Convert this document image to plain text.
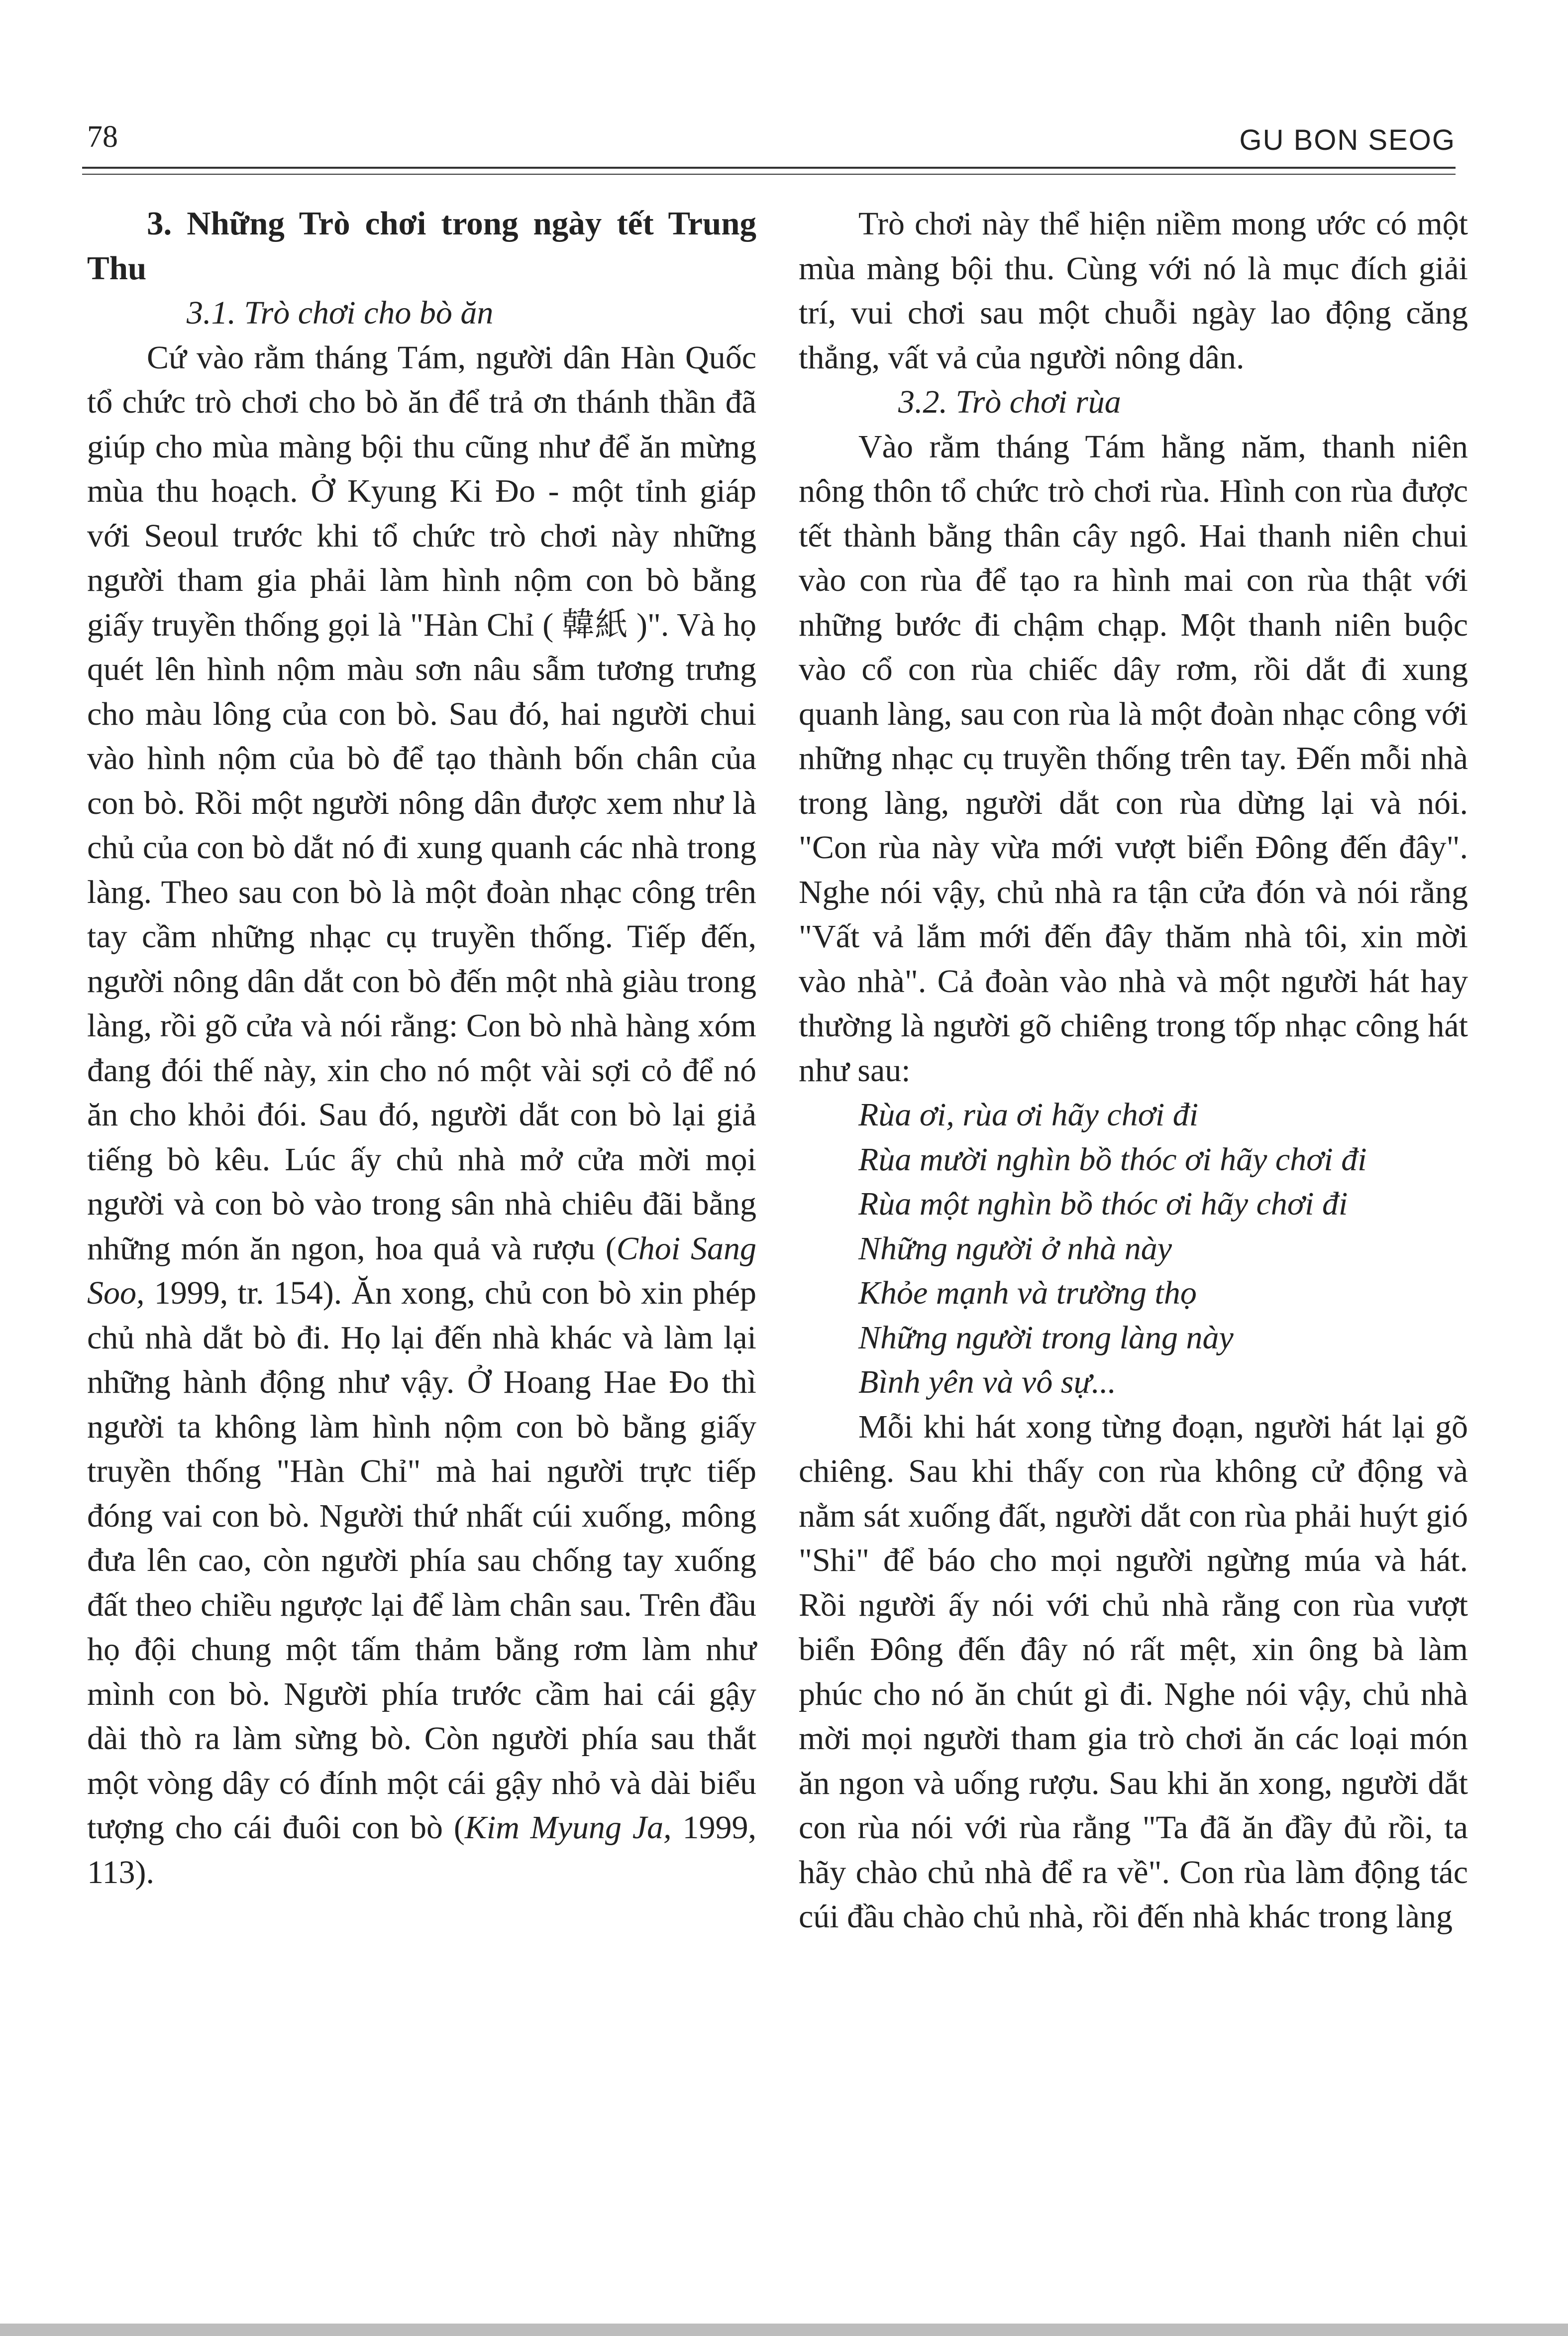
78	GU BON SEOG

3. Những Trò chơi trong ngày tết Trung Thu

3.1. Trò chơi cho bò ăn

Cứ vào rằm tháng Tám, người dân Hàn Quốc tổ chức trò chơi cho bò ăn để trả ơn thánh thần đã giúp cho mùa màng bội thu cũng như để ăn mừng mùa thu hoạch. Ở Kyung Ki Đo - một tỉnh giáp với Seoul trước khi tổ chức trò chơi này những người tham gia phải làm hình nộm con bò bằng giấy truyền thống gọi là "Hàn Chỉ ( 韓紙 )". Và họ quét lên hình nộm màu sơn nâu sẫm tương trưng cho màu lông của con bò. Sau đó, hai người chui vào hình nộm của bò để tạo thành bốn chân của con bò. Rồi một người nông dân được xem như là chủ của con bò dắt nó đi xung quanh các nhà trong làng. Theo sau con bò là một đoàn nhạc công trên tay cầm những nhạc cụ truyền thống. Tiếp đến, người nông dân dắt con bò đến một nhà giàu trong làng, rồi gõ cửa và nói rằng: Con bò nhà hàng xóm đang đói thế này, xin cho nó một vài sợi cỏ để nó ăn cho khỏi đói. Sau đó, người dắt con bò lại giả tiếng bò kêu. Lúc ấy chủ nhà mở cửa mời mọi người và con bò vào trong sân nhà chiêu đãi bằng những món ăn ngon, hoa quả và rượu (Choi Sang Soo, 1999, tr. 154). Ăn xong, chủ con bò xin phép chủ nhà dắt bò đi. Họ lại đến nhà khác và làm lại những hành động như vậy. Ở Hoang Hae Đo thì người ta không làm hình nộm con bò bằng giấy truyền thống "Hàn Chỉ" mà hai người trực tiếp đóng vai con bò. Người thứ nhất cúi xuống, mông đưa lên cao, còn người phía sau chống tay xuống đất theo chiều ngược lại để làm chân sau. Trên đầu họ đội chung một tấm thảm bằng rơm làm như mình con bò. Người phía trước cầm hai cái gậy dài thò ra làm sừng bò. Còn người phía sau thắt một vòng dây có đính một cái gậy nhỏ và dài biểu tượng cho cái đuôi con bò (Kim Myung Ja, 1999, 113).

Trò chơi này thể hiện niềm mong ước có một mùa màng bội thu. Cùng với nó là mục đích giải trí, vui chơi sau một chuỗi ngày lao động căng thẳng, vất vả của người nông dân.

3.2. Trò chơi rùa

Vào rằm tháng Tám hằng năm, thanh niên nông thôn tổ chức trò chơi rùa. Hình con rùa được tết thành bằng thân cây ngô. Hai thanh niên chui vào con rùa để tạo ra hình mai con rùa thật với những bước đi chậm chạp. Một thanh niên buộc vào cổ con rùa chiếc dây rơm, rồi dắt đi xung quanh làng, sau con rùa là một đoàn nhạc công với những nhạc cụ truyền thống trên tay. Đến mỗi nhà trong làng, người dắt con rùa dừng lại và nói. "Con rùa này vừa mới vượt biển Đông đến đây". Nghe nói vậy, chủ nhà ra tận cửa đón và nói rằng "Vất vả lắm mới đến đây thăm nhà tôi, xin mời vào nhà". Cả đoàn vào nhà và một người hát hay thường là người gõ chiêng trong tốp nhạc công hát như sau:

Rùa ơi, rùa ơi hãy chơi đi
Rùa mười nghìn bồ thóc ơi hãy chơi đi
Rùa một nghìn bồ thóc ơi hãy chơi đi
Những người ở nhà này
Khỏe mạnh và trường thọ
Những người trong làng này
Bình yên và vô sự...

Mỗi khi hát xong từng đoạn, người hát lại gõ chiêng. Sau khi thấy con rùa không cử động và nằm sát xuống đất, người dắt con rùa phải huýt gió "Shi" để báo cho mọi người ngừng múa và hát. Rồi người ấy nói với chủ nhà rằng con rùa vượt biển Đông đến đây nó rất mệt, xin ông bà làm phúc cho nó ăn chút gì đi. Nghe nói vậy, chủ nhà mời mọi người tham gia trò chơi ăn các loại món ăn ngon và uống rượu. Sau khi ăn xong, người dắt con rùa nói với rùa rằng "Ta đã ăn đầy đủ rồi, ta hãy chào chủ nhà để ra về". Con rùa làm động tác cúi đầu chào chủ nhà, rồi đến nhà khác trong làng
